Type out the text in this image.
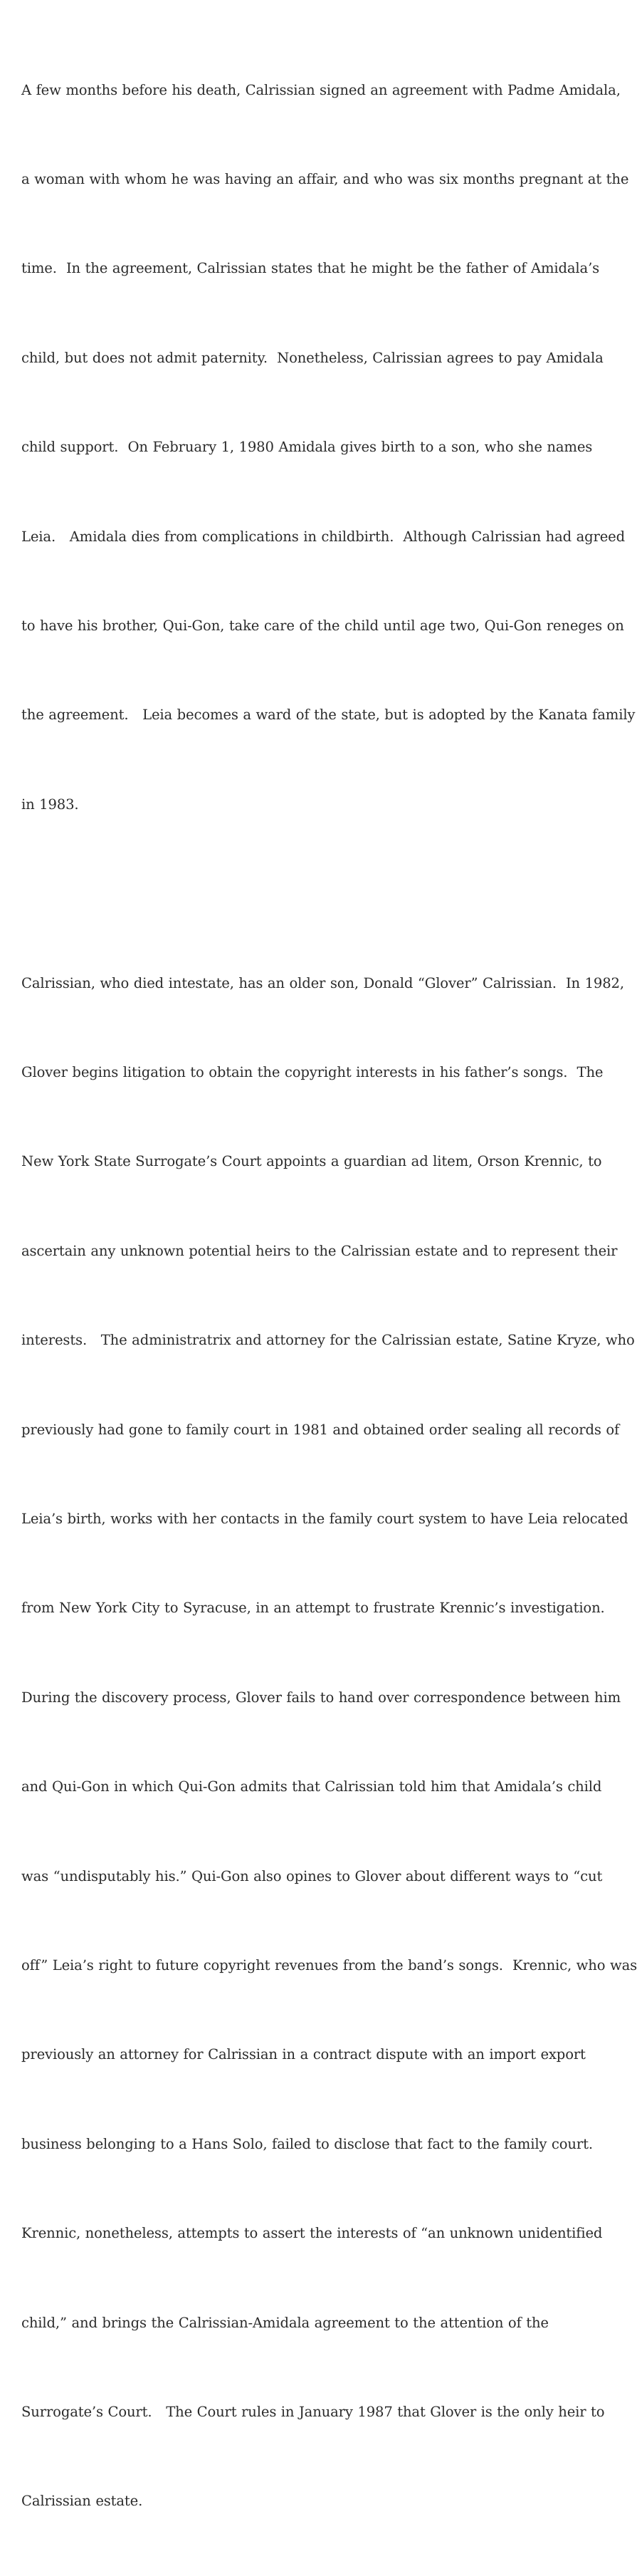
A few months before his death, Calrissian signed an agreement with Padme Amidala,

a woman with whom he was having an affair, and who was six months pregnant at the

time.  In the agreement, Calrissian states that he might be the father of Amidala’s

child, but does not admit paternity.  Nonetheless, Calrissian agrees to pay Amidala

child support.  On February 1, 1980 Amidala gives birth to a son, who she names

Leia.   Amidala dies from complications in childbirth.  Although Calrissian had agreed

to have his brother, Qui-Gon, take care of the child until age two, Qui-Gon reneges on

the agreement.   Leia becomes a ward of the state, but is adopted by the Kanata family

in 1983.

Calrissian, who died intestate, has an older son, Donald “Glover” Calrissian.  In 1982,

Glover begins litigation to obtain the copyright interests in his father’s songs.  The

New York State Surrogate’s Court appoints a guardian ad litem, Orson Krennic, to

ascertain any unknown potential heirs to the Calrissian estate and to represent their

interests.   The administratrix and attorney for the Calrissian estate, Satine Kryze, who

previously had gone to family court in 1981 and obtained order sealing all records of

Leia’s birth, works with her contacts in the family court system to have Leia relocated

from New York City to Syracuse, in an attempt to frustrate Krennic’s investigation.

During the discovery process, Glover fails to hand over correspondence between him

and Qui-Gon in which Qui-Gon admits that Calrissian told him that Amidala’s child

was “undisputably his.” Qui-Gon also opines to Glover about different ways to “cut

off” Leia’s right to future copyright revenues from the band’s songs.  Krennic, who was

previously an attorney for Calrissian in a contract dispute with an import export

business belonging to a Hans Solo, failed to disclose that fact to the family court.

Krennic, nonetheless, attempts to assert the interests of “an unknown unidentified

child,” and brings the Calrissian-Amidala agreement to the attention of the

Surrogate’s Court.   The Court rules in January 1987 that Glover is the only heir to

Calrissian estate.
